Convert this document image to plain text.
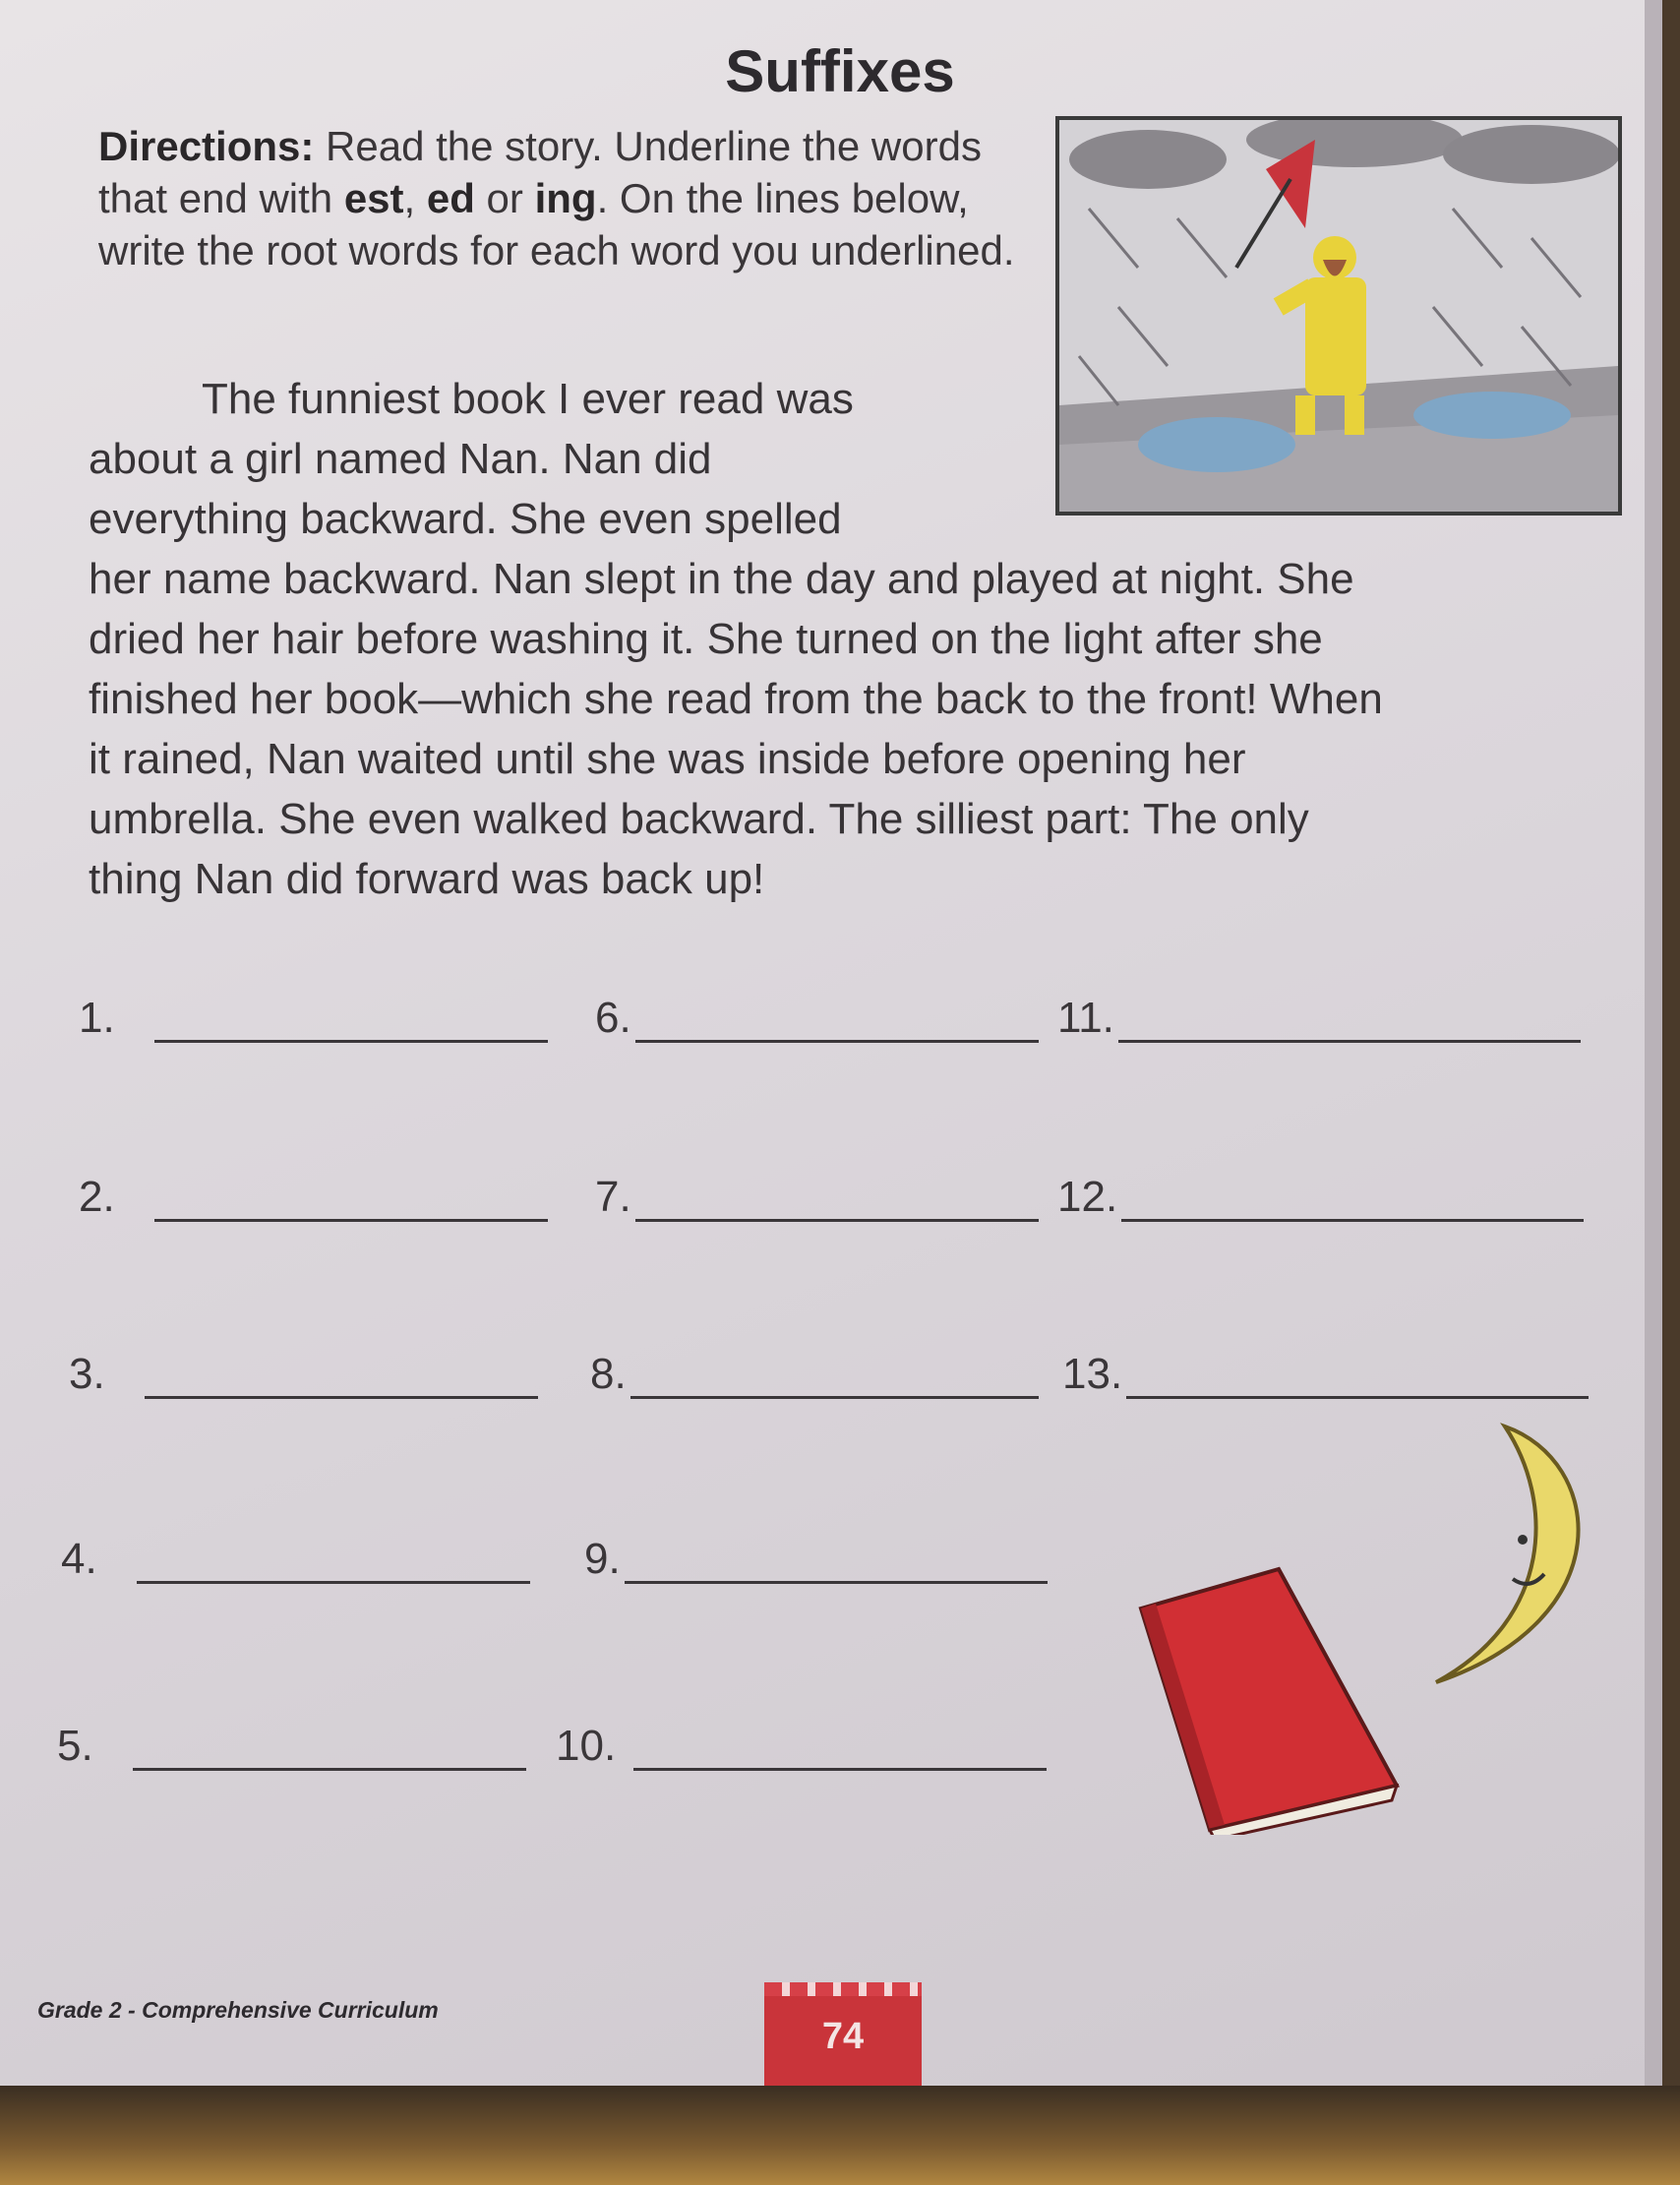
Suffixes
Directions: Read the story. Underline the words that end with est, ed or ing. On the lines below, write the root words for each word you underlined.
The funniest book I ever read was
about a girl named Nan. Nan did
everything backward. She even spelled
her name backward. Nan slept in the day and played at night. She
dried her hair before washing it. She turned on the light after she
finished her book—which she read from the back to the front! When
it rained, Nan waited until she was inside before opening her
umbrella. She even walked backward. The silliest part: The only
thing Nan did forward was back up!
1.
2.
3.
4.
5.
6.
7.
8.
9.
10.
11.
12.
13.
Grade 2 - Comprehensive Curriculum
74
